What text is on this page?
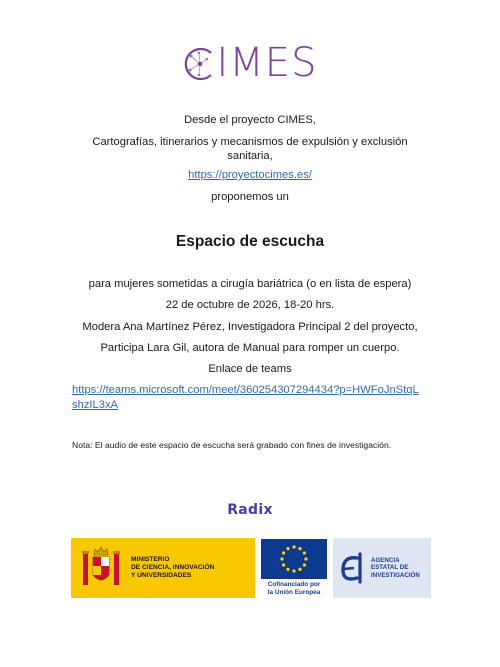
IMES
Desde el proyecto CIMES,
Cartografías, itinerarios y mecanismos de expulsión y exclusión
sanitaria,
https://proyectocimes.es/
proponemos un
Espacio de escucha
para mujeres sometidas a cirugía bariátrica (o en lista de espera)
22 de octubre de 2026, 18-20 hrs.
Modera Ana Martínez Pérez, Investigadora Principal 2 del proyecto,
Participa Lara Gil, autora de Manual para romper un cuerpo.
Enlace de teams
https://teams.microsoft.com/meet/360254307294434?p=HWFoJnStqL
shzIL3xA
Nota: El audio de este espacio de escucha será grabado con fines de investigación.
Radix
MINISTERIO
DE CIENCIA, INNOVACIÓN
Y UNIVERSIDADES
Cofinanciado por
la Unión Europea
AGENCIA
ESTATAL DE
INVESTIGACIÓN
